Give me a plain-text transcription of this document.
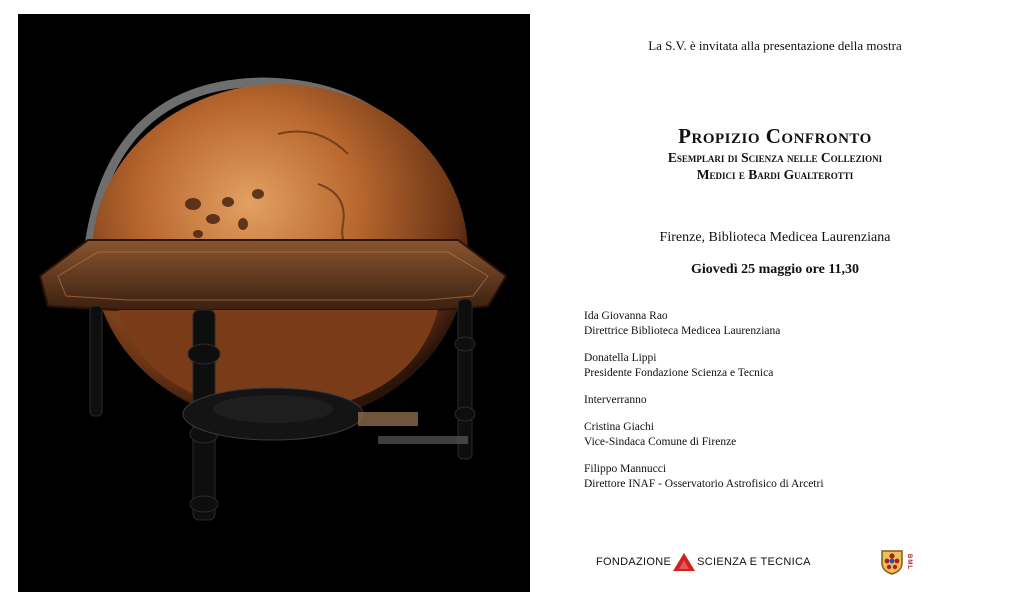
La S.V. è invitata alla presentazione della mostra
Propizio Confronto
Esemplari di Scienza nelle Collezioni
Medici e Bardi Gualterotti
Firenze, Biblioteca Medicea Laurenziana
Giovedì 25 maggio ore 11,30
Ida Giovanna Rao
Direttrice Biblioteca Medicea Laurenziana
Donatella Lippi
Presidente Fondazione Scienza e Tecnica
Interverranno
Cristina Giachi
Vice-Sindaca Comune di Firenze
Filippo Mannucci
Direttore INAF - Osservatorio Astrofisico di Arcetri
FONDAZIONE SCIENZA E TECNICA	BML
